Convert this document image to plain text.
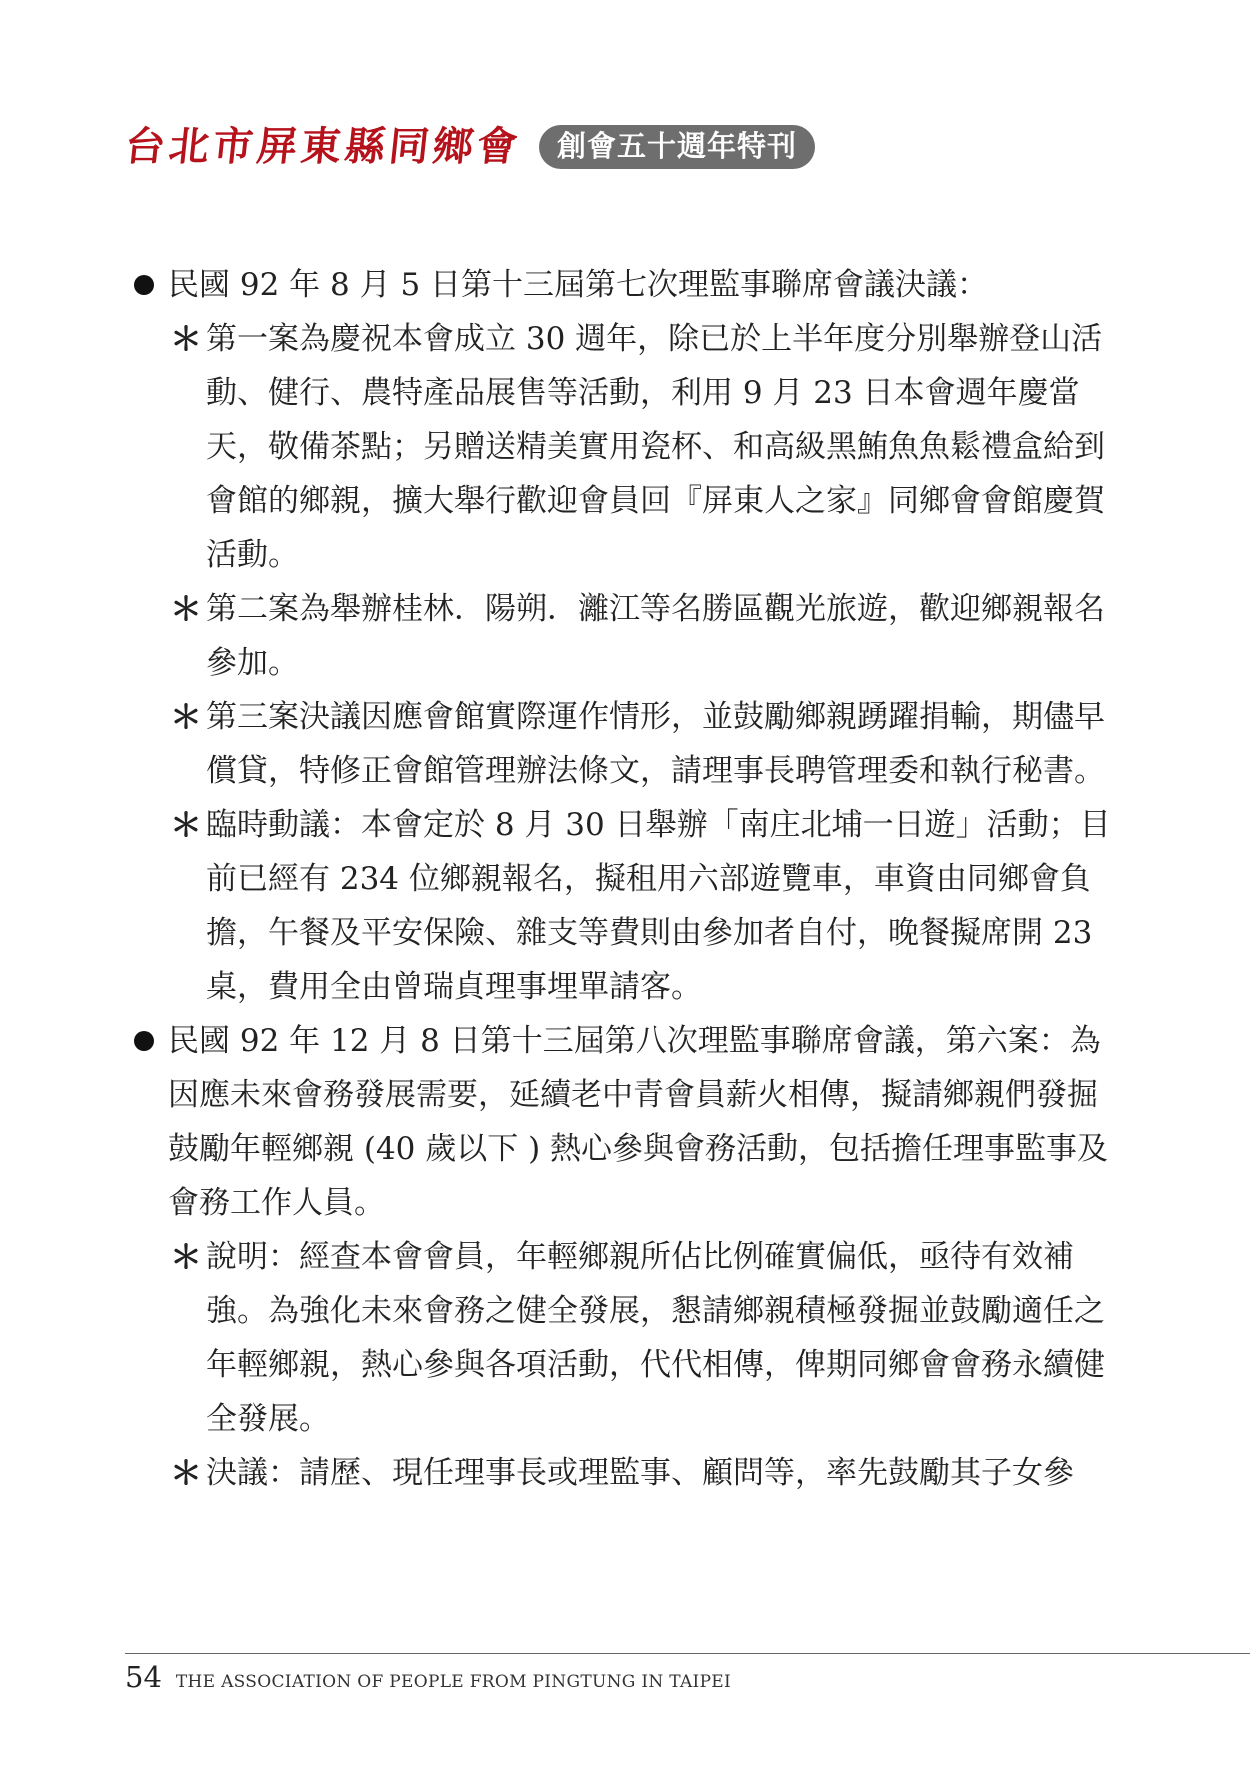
台北市屏東縣同鄉會	創會五十週年特刊
民國 92 年 8 月 5 日第十三屆第七次理監事聯席會議決議：
＊ 第一案為慶祝本會成立 30 週年，除已於上半年度分別舉辦登山活動、健行、農特產品展售等活動，利用 9 月 23 日本會週年慶當天，敬備茶點；另贈送精美實用瓷杯、和高級黑鮪魚魚鬆禮盒給到會館的鄉親，擴大舉行歡迎會員回『屏東人之家』同鄉會會館慶賀活動。
＊ 第二案為舉辦桂林．陽朔．灕江等名勝區觀光旅遊，歡迎鄉親報名參加。
＊ 第三案決議因應會館實際運作情形，並鼓勵鄉親踴躍捐輸，期儘早償貸，特修正會館管理辦法條文，請理事長聘管理委和執行秘書。
＊ 臨時動議：本會定於 8 月 30 日舉辦「南庄北埔一日遊」活動；目前已經有 234 位鄉親報名，擬租用六部遊覽車，車資由同鄉會負擔，午餐及平安保險、雜支等費則由參加者自付，晚餐擬席開 23 桌，費用全由曾瑞貞理事埋單請客。
民國 92 年 12 月 8 日第十三屆第八次理監事聯席會議，第六案：為因應未來會務發展需要，延續老中青會員薪火相傳，擬請鄉親們發掘鼓勵年輕鄉親 (40 歲以下 ) 熱心參與會務活動，包括擔任理事監事及會務工作人員。
＊ 說明：經查本會會員，年輕鄉親所佔比例確實偏低，亟待有效補強。為強化未來會務之健全發展，懇請鄉親積極發掘並鼓勵適任之年輕鄉親，熱心參與各項活動，代代相傳，俾期同鄉會會務永續健全發展。
＊ 決議：請歷、現任理事長或理監事、顧問等，率先鼓勵其子女參
54 THE ASSOCIATION OF PEOPLE FROM PINGTUNG IN TAIPEI
